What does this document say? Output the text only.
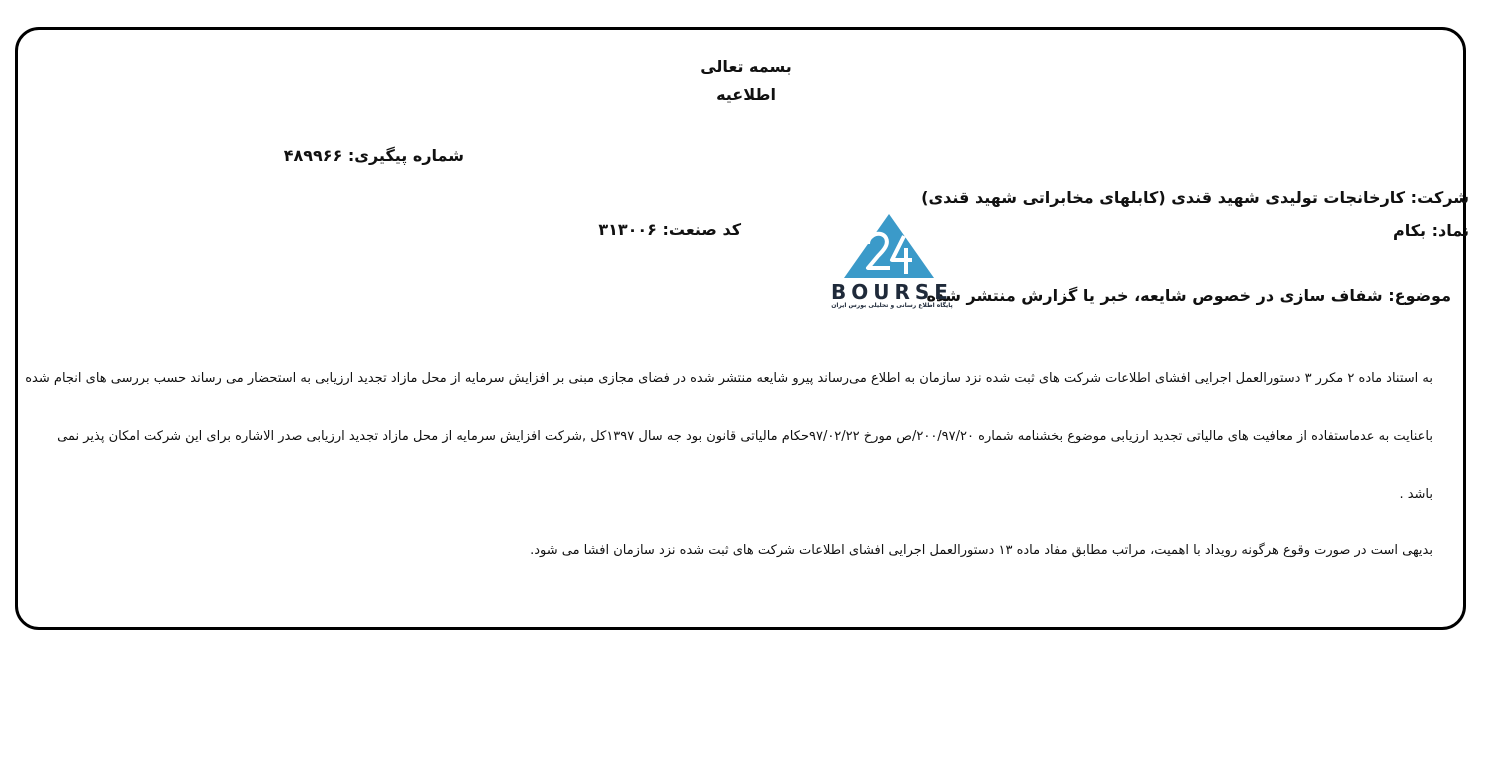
بسمه تعالی
اطلاعیه
شماره پیگیری: ۴۸۹۹۶۶
شرکت: کارخانجات تولیدی شهید قندی (کابلهای مخابراتی شهید قندی)
نماد: بکام
کد صنعت: ۳۱۳۰۰۶
موضوع: شفاف سازی در خصوص شایعه، خبر یا گزارش منتشر شده
BOURSE
پایگاه اطلاع رسانی و تحلیلی بورس ایران
به استناد ماده ۲ مکرر ۳ دستورالعمل اجرایی افشای اطلاعات شرکت های ثبت شده نزد سازمان به اطلاع می‌رساند پیرو شایعه منتشر شده در فضای مجازی مبنی بر افزایش سرمایه از محل مازاد تجدید ارزیابی به استحضار می رساند حسب بررسی های انجام شده
باعنایت به عدماستفاده از معافیت های مالیاتی تجدید ارزیابی موضوع بخشنامه شماره ۲۰۰/۹۷/۲۰/ص مورخ ۹۷/۰۲/۲۲حکام مالیاتی قانون بود جه سال ۱۳۹۷کل ,شرکت افزایش سرمایه از محل مازاد تجدید ارزیابی صدر الاشاره برای این شرکت امکان پذیر نمی
باشد .
بدیهی است در صورت وقوع هرگونه رویداد با اهمیت، مراتب مطابق مفاد ماده ۱۳ دستورالعمل اجرایی افشای اطلاعات شرکت های ثبت شده نزد سازمان افشا می شود.
